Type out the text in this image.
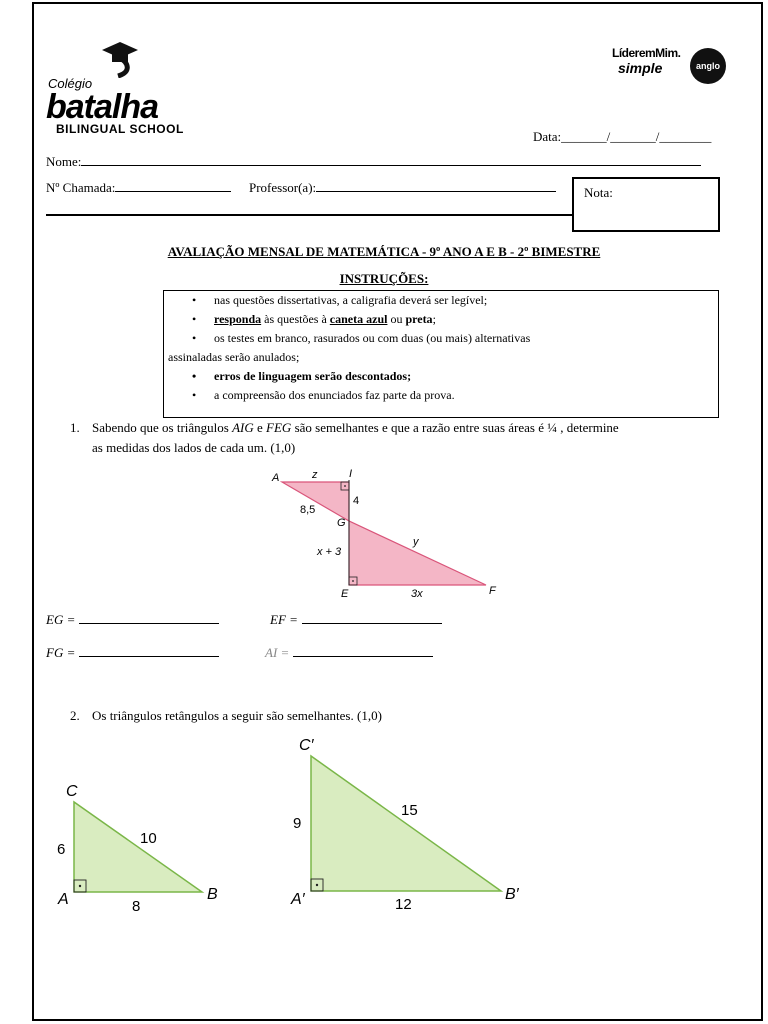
Colégio
batalha
BILINGUAL SCHOOL
LíderemMim.
simple	anglo
Data:_______/_______/________
Nome:
Nº Chamada:	Professor(a):	Nota:
AVALIAÇÃO MENSAL DE MATEMÁTICA - 9º ANO A E B - 2º BIMESTRE
INSTRUÇÕES:
• nas questões dissertativas, a caligrafia deverá ser legível;
• responda às questões à caneta azul ou preta;
• os testes em branco, rasurados ou com duas (ou mais) alternativas
assinaladas serão anulados;
• erros de linguagem serão descontados;
• a compreensão dos enunciados faz parte da prova.
1. Sabendo que os triângulos AIG e FEG são semelhantes e que a razão entre suas áreas é ¼ , determine
as medidas dos lados de cada um. (1,0)
A	I
G
E	F
z
4
8,5
y
x + 3
3x
EG =	EF =
FG =	AI =
2. Os triângulos retângulos a seguir são semelhantes. (1,0)
C
A	B
6
10
8
C′
A′	B′
9
15
12
